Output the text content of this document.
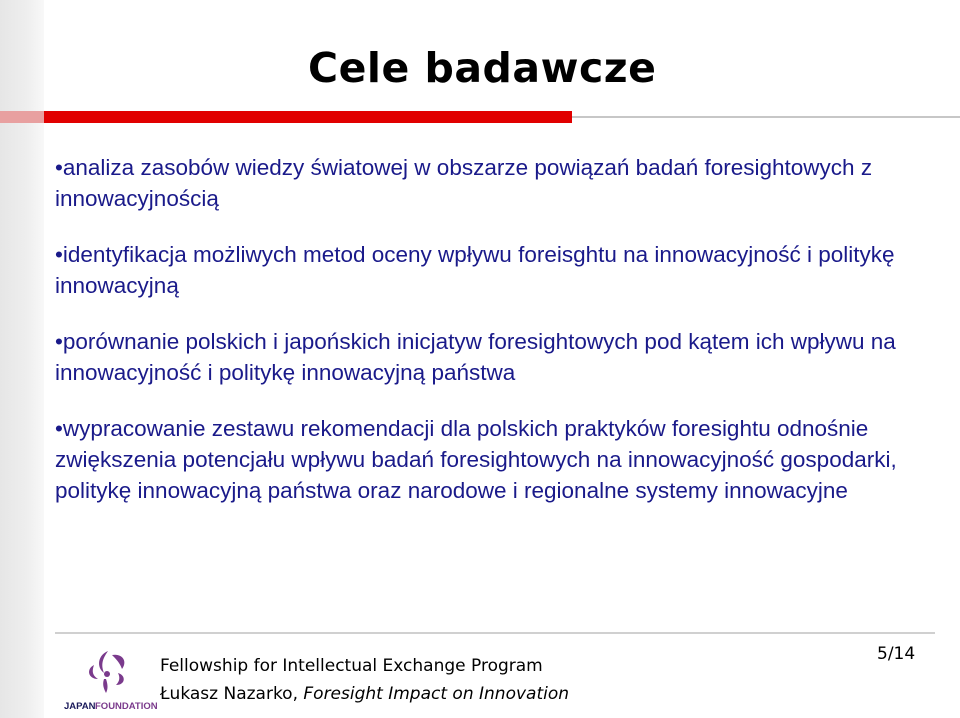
Cele badawcze

•analiza zasobów wiedzy światowej w obszarze powiązań badań foresightowych z innowacyjnością

•identyfikacja możliwych metod oceny wpływu foreisghtu na innowacyjność i politykę innowacyjną

•porównanie polskich i japońskich inicjatyw foresightowych pod kątem ich wpływu na innowacyjność i politykę innowacyjną państwa

•wypracowanie zestawu rekomendacji dla polskich praktyków foresightu odnośnie zwiększenia potencjału wpływu badań foresightowych na innowacyjność gospodarki, politykę innowacyjną państwa oraz narodowe i regionalne systemy innowacyjne

JAPAN FOUNDATION
Fellowship for Intellectual Exchange Program
Łukasz Nazarko, Foresight Impact on Innovation
5/14
